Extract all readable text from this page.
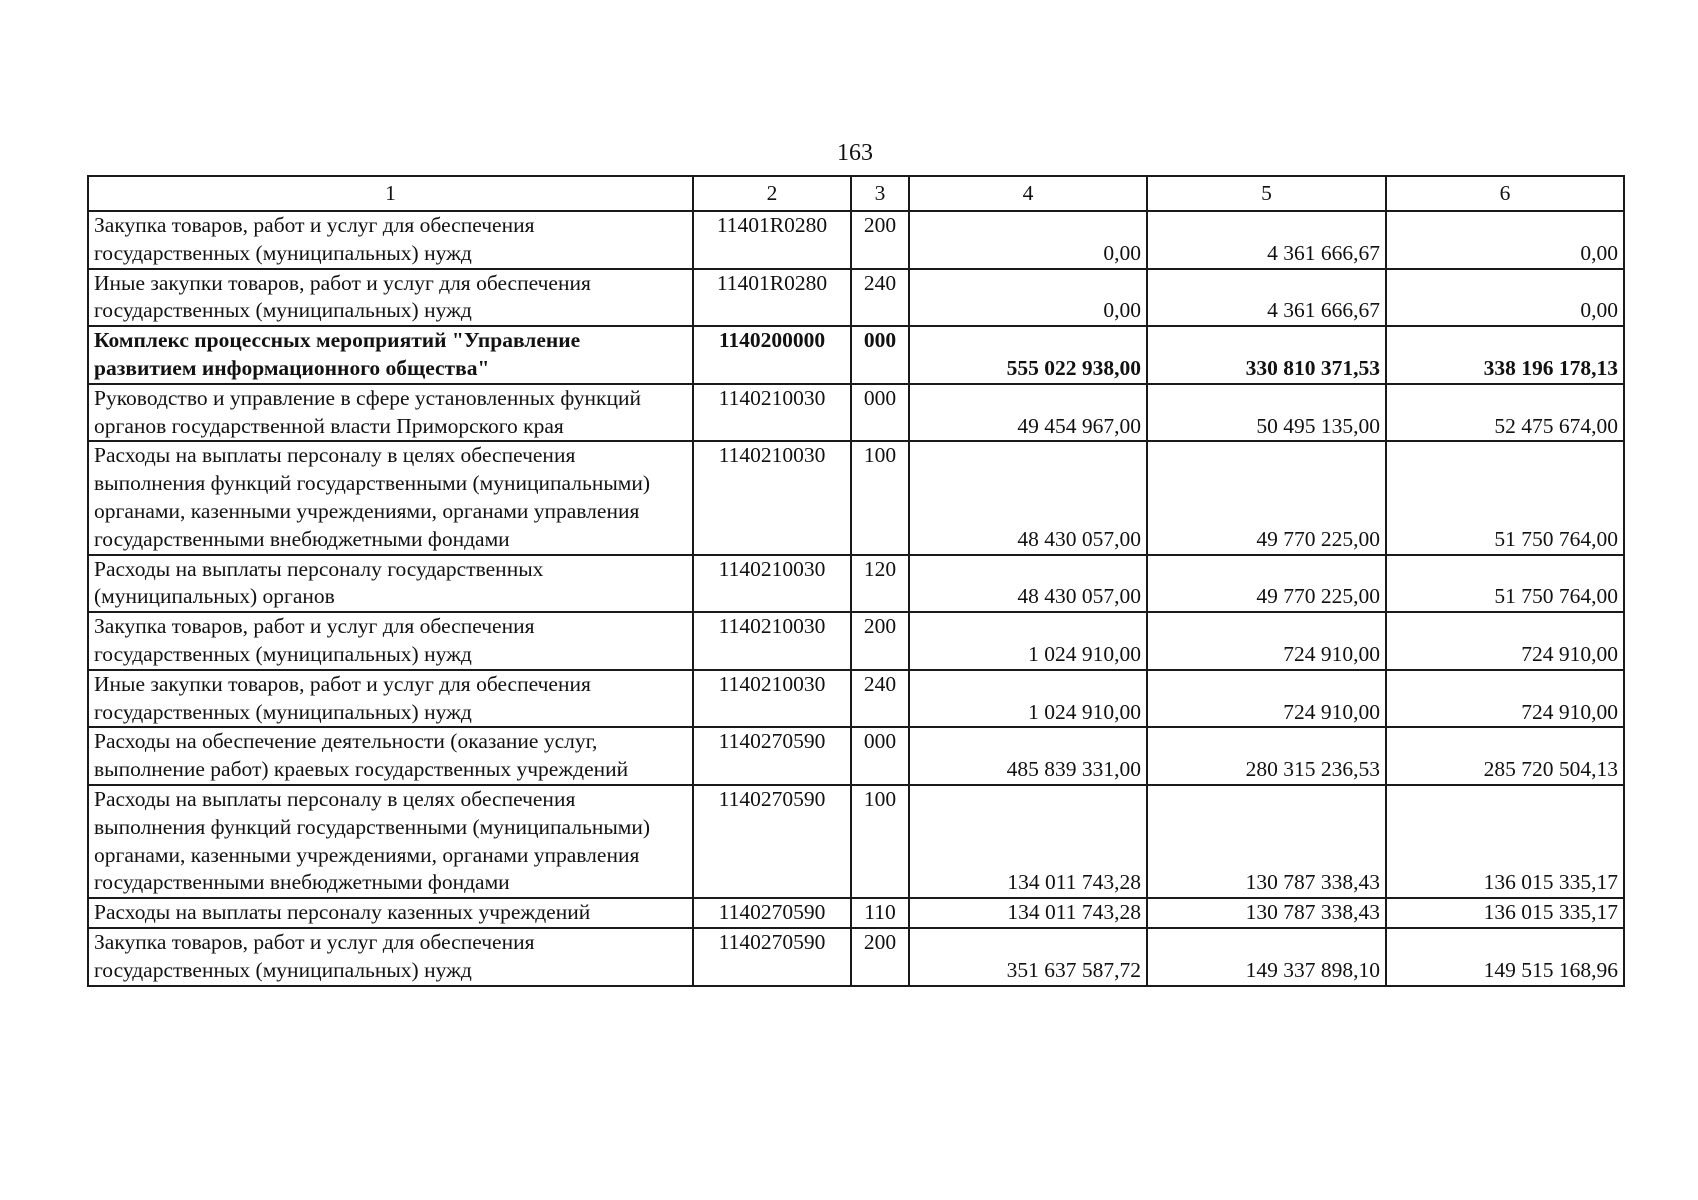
163
1	2	3	4	5	6
Закупка товаров, работ и услуг для обеспечения государственных (муниципальных) нужд	11401R0280	200	0,00	4 361 666,67	0,00
Иные закупки товаров, работ и услуг для обеспечения государственных (муниципальных) нужд	11401R0280	240	0,00	4 361 666,67	0,00
Комплекс процессных мероприятий "Управление развитием информационного общества"	1140200000	000	555 022 938,00	330 810 371,53	338 196 178,13
Руководство и управление в сфере установленных функций органов государственной власти Приморского края	1140210030	000	49 454 967,00	50 495 135,00	52 475 674,00
Расходы на выплаты персоналу в целях обеспечения выполнения функций государственными (муниципальными) органами, казенными учреждениями, органами управления государственными внебюджетными фондами	1140210030	100	48 430 057,00	49 770 225,00	51 750 764,00
Расходы на выплаты персоналу государственных (муниципальных) органов	1140210030	120	48 430 057,00	49 770 225,00	51 750 764,00
Закупка товаров, работ и услуг для обеспечения государственных (муниципальных) нужд	1140210030	200	1 024 910,00	724 910,00	724 910,00
Иные закупки товаров, работ и услуг для обеспечения государственных (муниципальных) нужд	1140210030	240	1 024 910,00	724 910,00	724 910,00
Расходы на обеспечение деятельности (оказание услуг, выполнение работ) краевых государственных учреждений	1140270590	000	485 839 331,00	280 315 236,53	285 720 504,13
Расходы на выплаты персоналу в целях обеспечения выполнения функций государственными (муниципальными) органами, казенными учреждениями, органами управления государственными внебюджетными фондами	1140270590	100	134 011 743,28	130 787 338,43	136 015 335,17
Расходы на выплаты персоналу казенных учреждений	1140270590	110	134 011 743,28	130 787 338,43	136 015 335,17
Закупка товаров, работ и услуг для обеспечения государственных (муниципальных) нужд	1140270590	200	351 637 587,72	149 337 898,10	149 515 168,96
